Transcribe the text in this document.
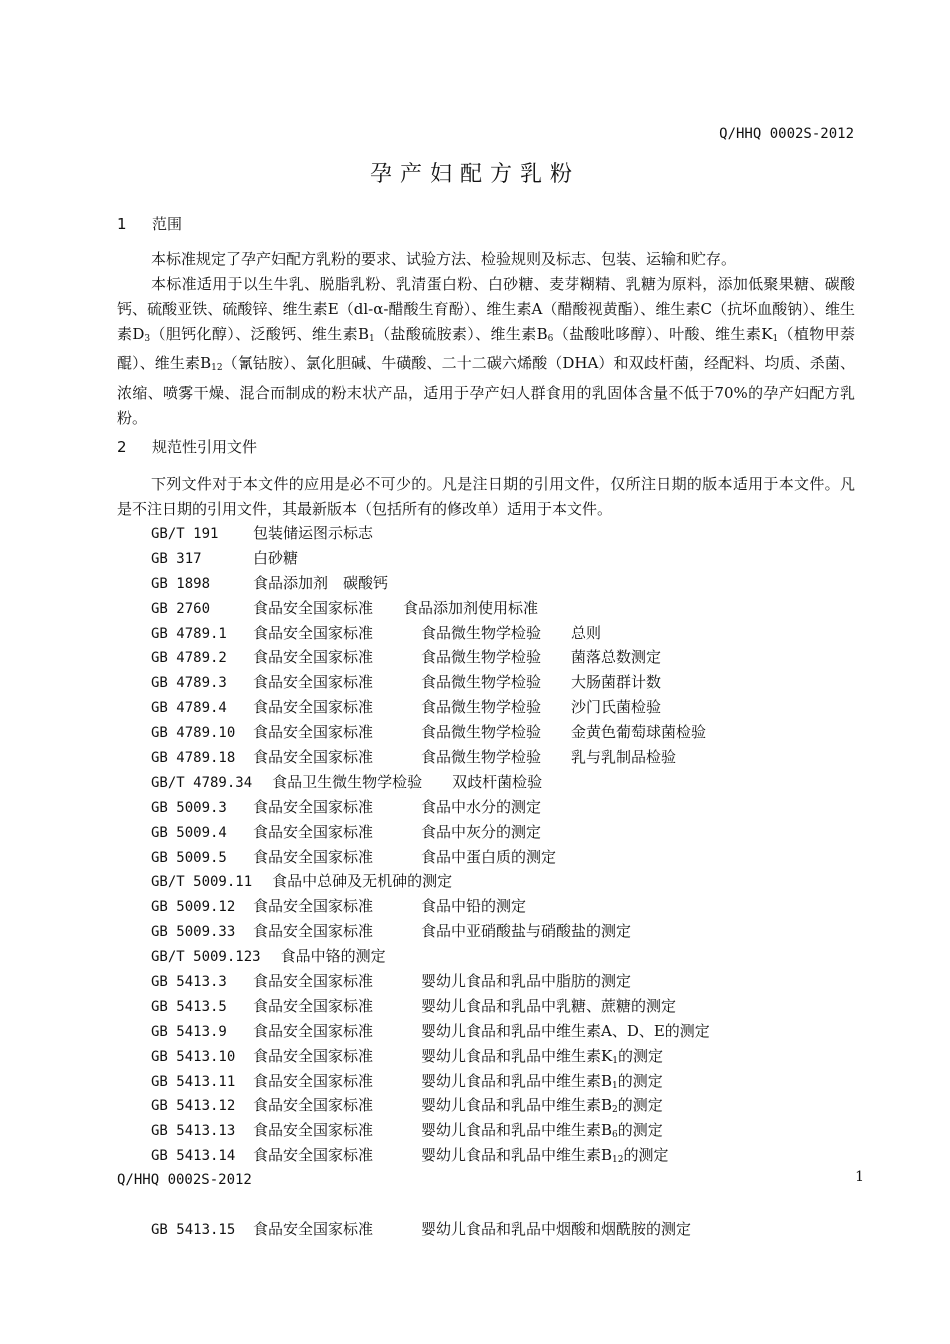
Q/HHQ 0002S-2012
孕产妇配方乳粉
1 范围
本标准规定了孕产妇配方乳粉的要求、试验方法、检验规则及标志、包装、运输和贮存。
本标准适用于以生牛乳、脱脂乳粉、乳清蛋白粉、白砂糖、麦芽糊精、乳糖为原料，添加低聚果糖、碳酸钙、硫酸亚铁、硫酸锌、维生素E（dl-α-醋酸生育酚）、维生素A（醋酸视黄酯）、维生素C（抗坏血酸钠）、维生素$D_3$（胆钙化醇）、泛酸钙、维生素$B_1$（盐酸硫胺素）、维生素$B_6$（盐酸吡哆醇）、叶酸、维生素$K_1$（植物甲萘醌）、维生素$B_{12}$（氰钴胺）、氯化胆碱、牛磺酸、二十二碳六烯酸（DHA）和双歧杆菌，经配料、均质、杀菌、浓缩、喷雾干燥、混合而制成的粉末状产品，适用于孕产妇人群食用的乳固体含量不低于70%的孕产妇配方乳粉。
2 规范性引用文件
下列文件对于本文件的应用是必不可少的。凡是注日期的引用文件，仅所注日期的版本适用于本文件。凡是不注日期的引用文件，其最新版本（包括所有的修改单）适用于本文件。
GB/T 191 包装储运图示标志
GB 317	白砂糖
GB 1898	食品添加剂　碳酸钙
GB 2760	食品安全国家标准　　食品添加剂使用标准
GB 4789.1 食品安全国家标准	食品微生物学检验　　总则
GB 4789.2 食品安全国家标准	食品微生物学检验　　菌落总数测定
GB 4789.3 食品安全国家标准	食品微生物学检验　　大肠菌群计数
GB 4789.4 食品安全国家标准	食品微生物学检验　　沙门氏菌检验
GB 4789.10 食品安全国家标准	食品微生物学检验　　金黄色葡萄球菌检验
GB 4789.18 食品安全国家标准	食品微生物学检验　　乳与乳制品检验
GB/T 4789.34 食品卫生微生物学检验　　双歧杆菌检验
GB 5009.3 食品安全国家标准	食品中水分的测定
GB 5009.4 食品安全国家标准	食品中灰分的测定
GB 5009.5 食品安全国家标准	食品中蛋白质的测定
GB/T 5009.11 食品中总砷及无机砷的测定
GB 5009.12 食品安全国家标准	食品中铅的测定
GB 5009.33 食品安全国家标准	食品中亚硝酸盐与硝酸盐的测定
GB/T 5009.123 食品中铬的测定
GB 5413.3 食品安全国家标准	婴幼儿食品和乳品中脂肪的测定
GB 5413.5 食品安全国家标准	婴幼儿食品和乳品中乳糖、蔗糖的测定
GB 5413.9 食品安全国家标准	婴幼儿食品和乳品中维生素A、D、E的测定
GB 5413.10 食品安全国家标准	婴幼儿食品和乳品中维生素$K_1$的测定
GB 5413.11 食品安全国家标准	婴幼儿食品和乳品中维生素$B_1$的测定
GB 5413.12 食品安全国家标准	婴幼儿食品和乳品中维生素$B_2$的测定
GB 5413.13 食品安全国家标准	婴幼儿食品和乳品中维生素$B_6$的测定
GB 5413.14 食品安全国家标准	婴幼儿食品和乳品中维生素$B_{12}$的测定
Q/HHQ 0002S-2012	1
GB 5413.15 食品安全国家标准	婴幼儿食品和乳品中烟酸和烟酰胺的测定
